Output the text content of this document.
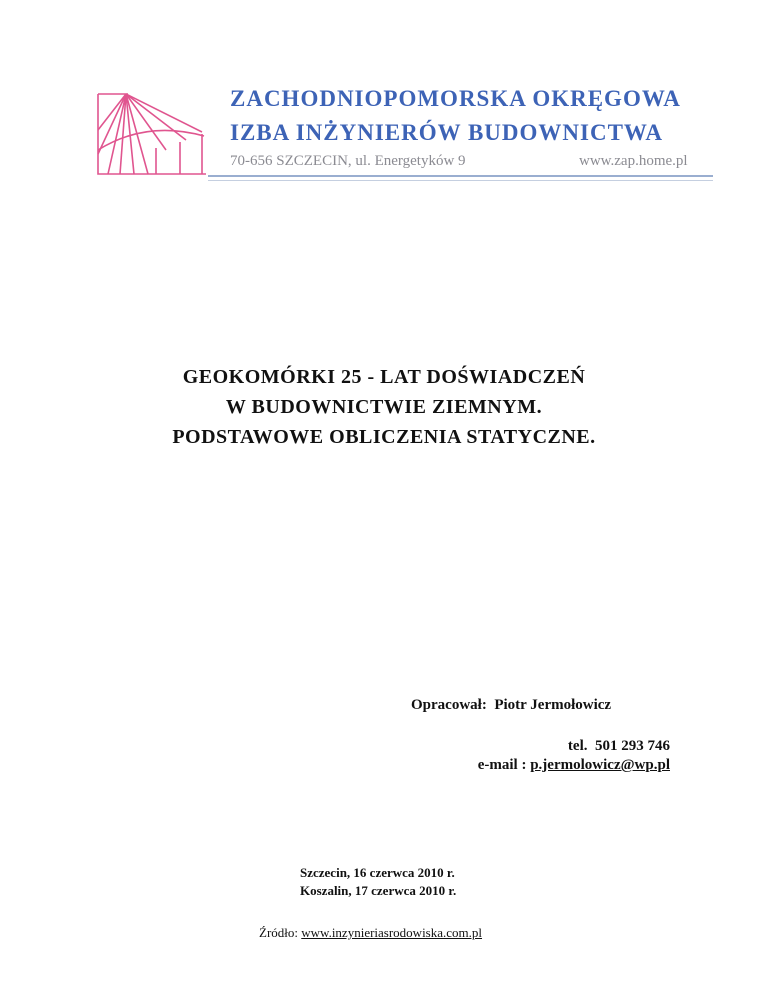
ZACHODNIOPOMORSKA OKRĘGOWA
IZBA INŻYNIERÓW BUDOWNICTWA
70-656 SZCZECIN, ul. Energetyków 9	www.zap.home.pl
GEOKOMÓRKI 25 - LAT DOŚWIADCZEŃ
W BUDOWNICTWIE ZIEMNYM.
PODSTAWOWE OBLICZENIA STATYCZNE.
Opracował: Piotr Jermołowicz
tel. 501 293 746
e-mail : p.jermolowicz@wp.pl
Szczecin, 16 czerwca 2010 r.
Koszalin, 17 czerwca 2010 r.
Źródło: www.inzynieriasrodowiska.com.pl
